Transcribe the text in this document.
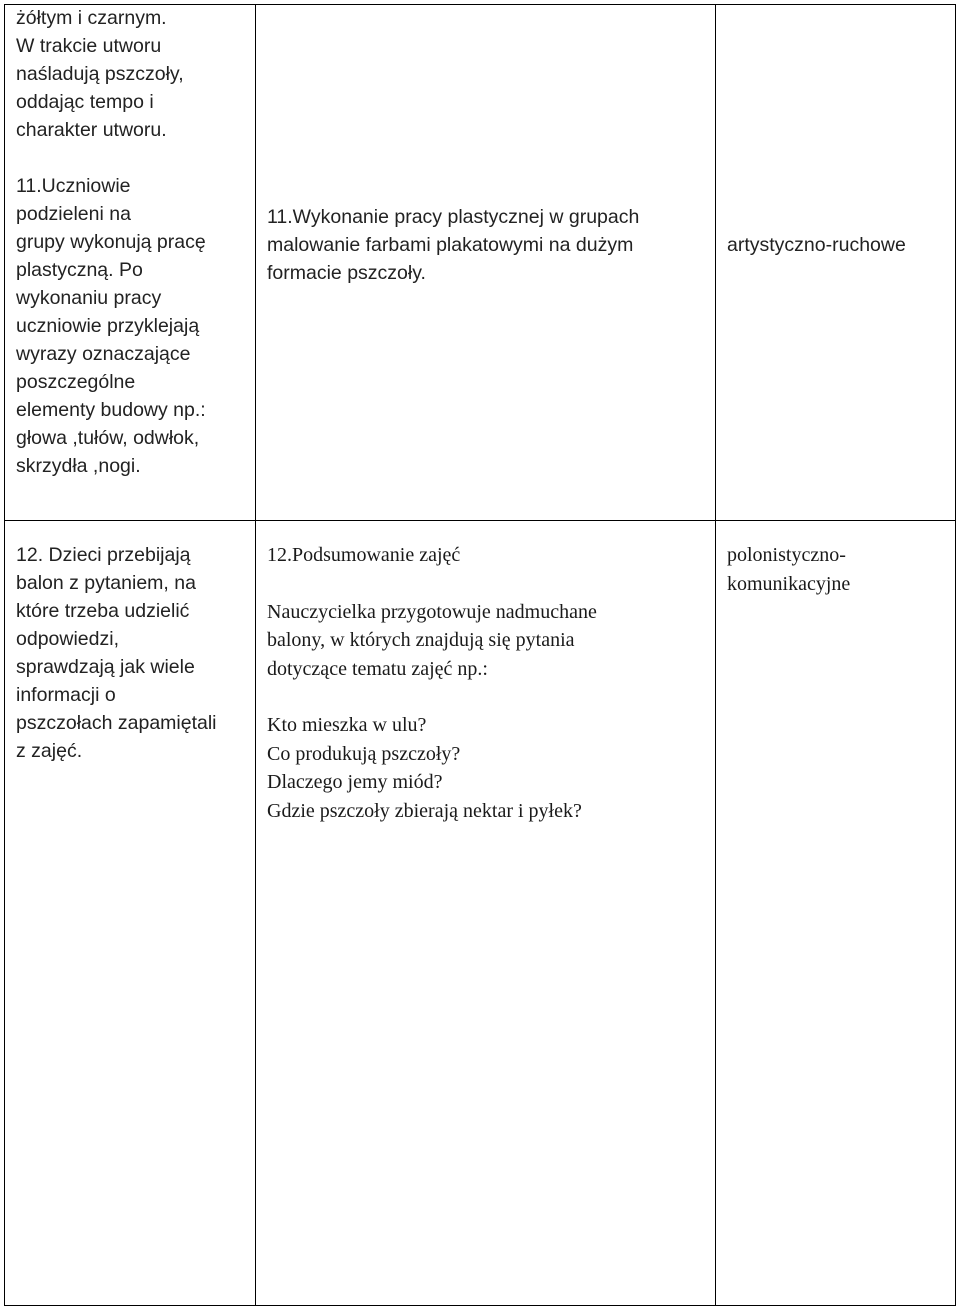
żółtym i czarnym.

W trakcie utworu

naśladują pszczoły,

oddając tempo i

charakter utworu.

11.Uczniowie

podzieleni na

grupy wykonują pracę

plastyczną. Po

wykonaniu pracy

uczniowie przyklejają

wyrazy oznaczające

poszczególne

elementy budowy np.:

głowa ,tułów, odwłok,

skrzydła ,nogi.

11.Wykonanie pracy plastycznej w grupach

malowanie farbami plakatowymi na dużym

formacie pszczoły.

artystyczno-ruchowe

12. Dzieci przebijają

balon z pytaniem, na

które trzeba udzielić

odpowiedzi,

sprawdzają jak wiele

informacji o

pszczołach zapamiętali

z zajęć.

12.Podsumowanie zajęć

Nauczycielka przygotowuje nadmuchane

balony, w których znajdują się pytania

dotyczące tematu zajęć np.:

Kto mieszka w ulu?

Co produkują pszczoły?

Dlaczego jemy miód?

Gdzie pszczoły zbierają nektar i pyłek?

polonistyczno-

komunikacyjne
